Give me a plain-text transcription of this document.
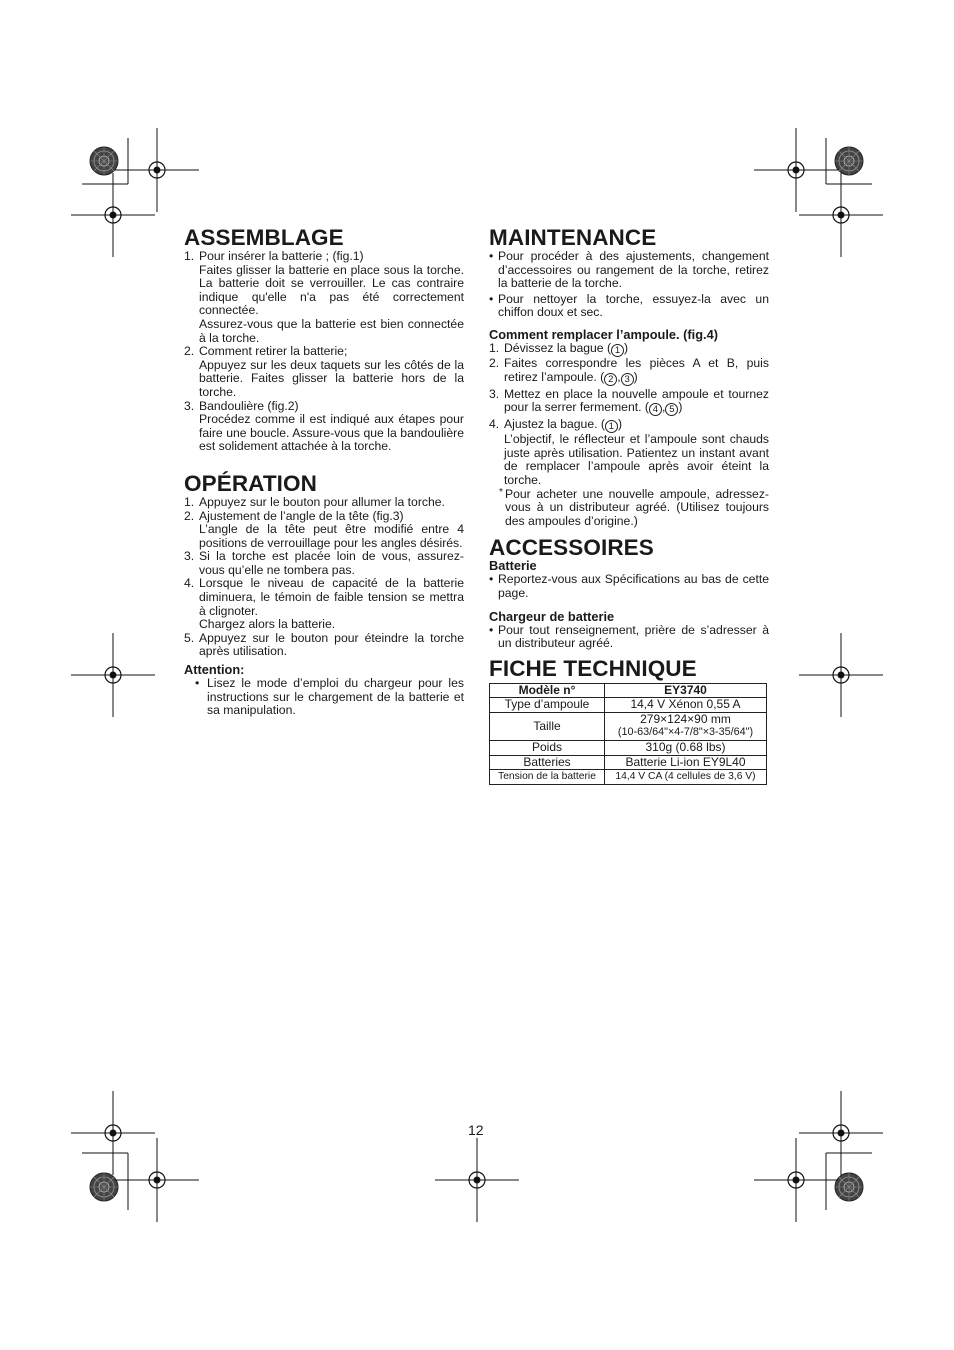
ASSEMBLAGE
1. Pour insérer la batterie ; (fig.1)
Faites glisser la batterie en place sous la torche. La batterie doit se verrouiller. Le cas contraire indique qu'elle n'a pas été correctement connectée.
Assurez-vous que la batterie est bien connectée à la torche.
2. Comment retirer la batterie;
Appuyez sur les deux taquets sur les côtés de la batterie. Faites glisser la batterie hors de la torche.
3. Bandoulière (fig.2)
Procédez comme il est indiqué aux étapes pour faire une boucle. Assure-vous que la bandoulière est solidement attachée à la torche.
OPÉRATION
1. Appuyez sur le bouton pour allumer la torche.
2. Ajustement de l’angle de la tête (fig.3)
L’angle de la tête peut être modifié entre 4 positions de verrouillage pour les angles désirés.
3. Si la torche est placée loin de vous, assurez-vous qu’elle ne tombera pas.
4. Lorsque le niveau de capacité de la batterie diminuera, le témoin de faible tension se mettra à clignoter.
Chargez alors la batterie.
5. Appuyez sur le bouton pour éteindre la torche après utilisation.
Attention:
• Lisez le mode d’emploi du chargeur pour les instructions sur le chargement de la batterie et sa manipulation.
MAINTENANCE
• Pour procéder à des ajustements, changement d’accessoires ou rangement de la torche, retirez la batterie de la torche.
• Pour nettoyer la torche, essuyez-la avec un chiffon doux et sec.
Comment remplacer l’ampoule. (fig.4)
1. Dévissez la bague ( 1 )
2. Faites correspondre les pièces A et B, puis retirez l’ampoule. ( 2 , 3 )
3. Mettez en place la nouvelle ampoule et tournez pour la serrer fermement. ( 4 , 5 )
4. Ajustez la bague. ( 1 )
L’objectif, le réflecteur et l’ampoule sont chauds juste après utilisation. Patientez un instant avant de remplacer l’ampoule après avoir éteint la torche.
* Pour acheter une nouvelle ampoule, adressez-vous à un distributeur agréé. (Utilisez toujours des ampoules d’origine.)
ACCESSOIRES
Batterie
• Reportez-vous aux Spécifications au bas de cette page.
Chargeur de batterie
• Pour tout renseignement, prière de s’adresser à un distributeur agréé.
FICHE TECHNIQUE
Modèle n°	EY3740
Type d’ampoule	14,4 V Xénon 0,55 A
Taille	279×124×90 mm
(10-63/64"×4-7/8"×3-35/64")

Poids	310g (0.68 lbs)
Batteries	Batterie Li-ion EY9L40
Tension de la batterie	14,4 V CA (4 cellules de 3,6 V)
12
